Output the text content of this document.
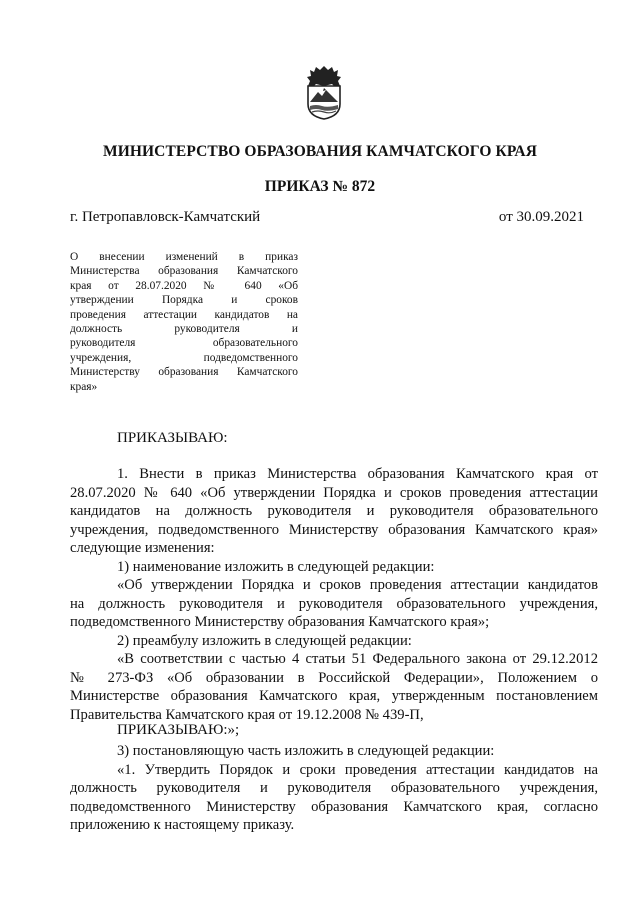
МИНИСТЕРСТВО ОБРАЗОВАНИЯ КАМЧАТСКОГО КРАЯ
ПРИКАЗ № 872
г. Петропавловск-Камчатский	от 30.09.2021

О внесении изменений в приказ

Министерства образования Камчатского

края от 28.07.2020 № 640 «Об

утверждении Порядка и сроков

проведения аттестации кандидатов на

должность руководителя и

руководителя образовательного

учреждения, подведомственного

Министерству образования Камчатского

края»

ПРИКАЗЫВАЮ:

1. Внести в приказ Министерства образования Камчатского края от

28.07.2020 № 640 «Об утверждении Порядка и сроков проведения аттестации

кандидатов на должность руководителя и руководителя образовательного

учреждения, подведомственного Министерству образования Камчатского края»

следующие изменения:

1) наименование изложить в следующей редакции:

«Об утверждении Порядка и сроков проведения аттестации кандидатов

на должность руководителя и руководителя образовательного учреждения,

подведомственного Министерству образования Камчатского края»;

2) преамбулу изложить в следующей редакции:

«В соответствии с частью 4 статьи 51 Федерального закона от 29.12.2012

№ 273-ФЗ «Об образовании в Российской Федерации», Положением о

Министерстве образования Камчатского края, утвержденным постановлением

Правительства Камчатского края от 19.12.2008 № 439-П,

ПРИКАЗЫВАЮ:»;

3) постановляющую часть изложить в следующей редакции:

«1. Утвердить Порядок и сроки проведения аттестации кандидатов на

должность руководителя и руководителя образовательного учреждения,

подведомственного Министерству образования Камчатского края, согласно

приложению к настоящему приказу.
